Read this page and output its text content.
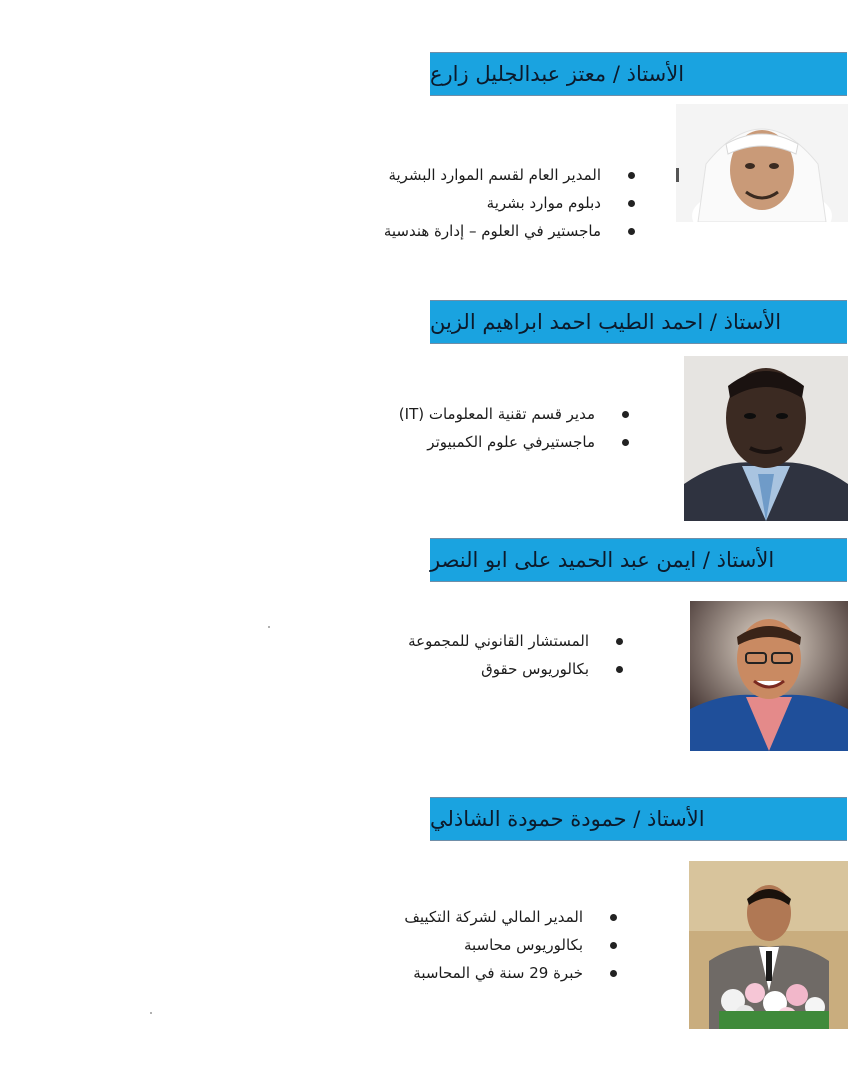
الأستاذ / معتز عبدالجليل زارع
المدير العام لقسم الموارد البشرية
دبلوم موارد بشرية
ماجستير في العلوم – إدارة هندسية
الأستاذ / احمد الطيب احمد ابراهيم الزين
مدير قسم تقنية المعلومات (IT)
ماجستيرفي علوم الكمبيوتر
الأستاذ / ايمن عبد الحميد على ابو النصر
المستشار القانوني للمجموعة
بكالوريوس حقوق
الأستاذ / حمودة حمودة الشاذلي
المدير المالي لشركة التكييف
بكالوريوس محاسبة
خبرة 29 سنة في المحاسبة
